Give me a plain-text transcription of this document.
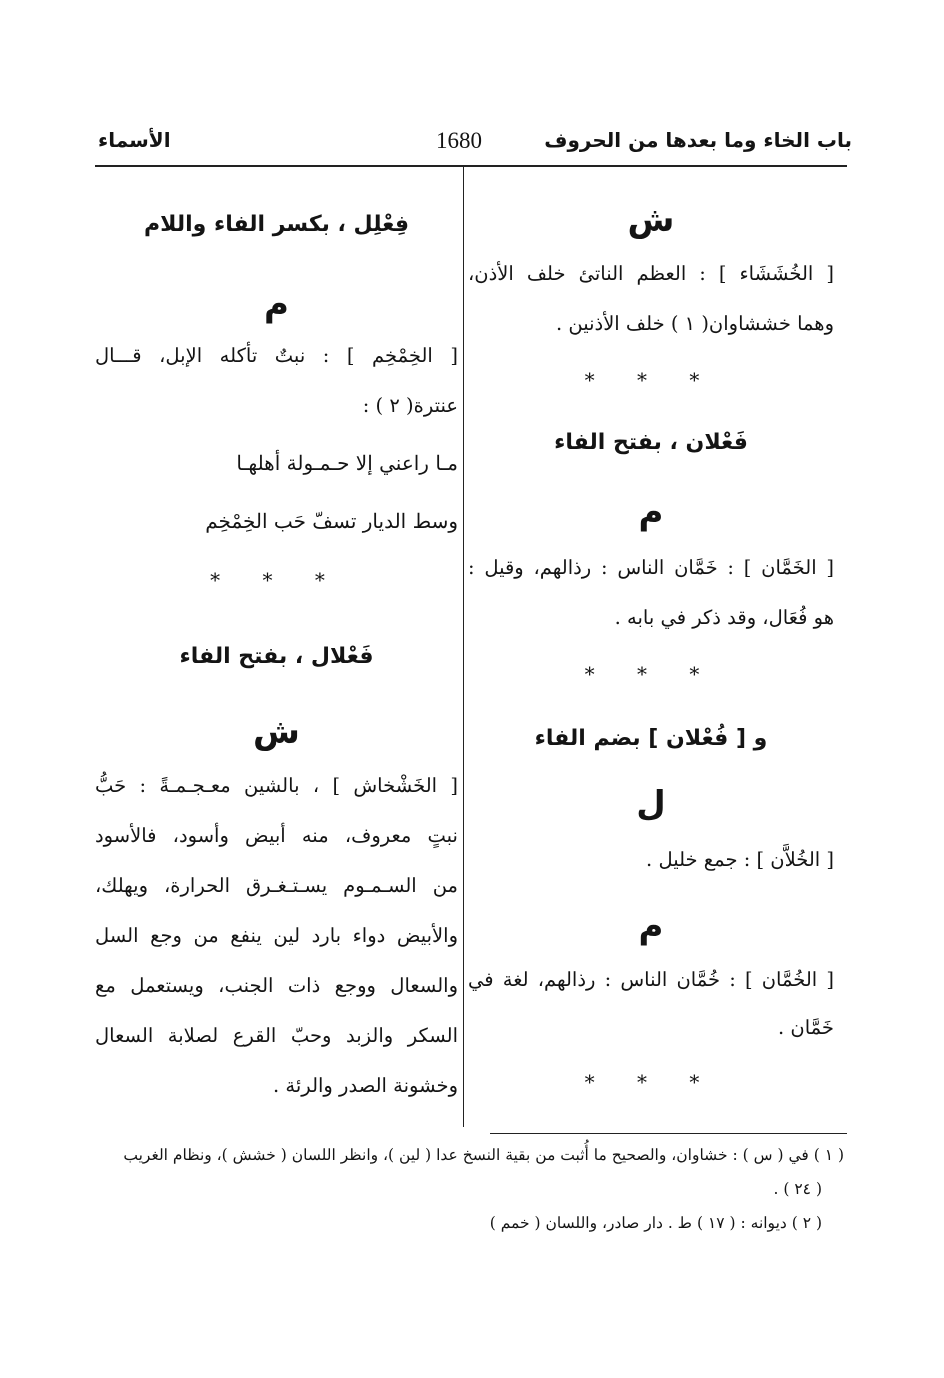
باب الخاء وما بعدها من الحروف
1680
الأسماء
ش
[ الخُشَشَاء ] : العظم الناتئ خلف الأذن،
وهما خششاوان( ١ ) خلف الأذنين .
* * *
فَعْلان ، بفتح الفاء
م
[ الخَمَّان ] : خَمَّان الناس : رذالهم، وقيل :
هو فُعَال، وقد ذكر في بابه .
* * *
و [ فُعْلان ] بضم الفاء
ل
[ الخُلاَّن ] : جمع خليل .
م
[ الخُمَّان ] : خُمَّان الناس : رذالهم، لغة في
خَمَّان .
* * *
فِعْلِل ، بكسر الفاء واللام
م
[ الخِمْخِم ] : نبتٌ تأكله الإبل، قـــال
عنترة( ٢ ) :
مـا راعني إلا حـمـولة أهلهـا
وسط الديار تسفّ حَب الخِمْخِم
* * *
فَعْلال ، بفتح الفاء
ش
[ الخَشْخاش ] ، بالشين معـجـمـةً : حَبُّ
نبتٍ معروف، منه أبيض وأسود، فالأسود
من السـمـوم يسـتـغـرق الحرارة، ويهلك،
والأبيض دواء بارد لين ينفع من وجع السل
والسعال ووجع ذات الجنب، ويستعمل مع
السكر والزبد وحبّ القرع لصلابة السعال
وخشونة الصدر والرئة .
( ١ ) في ( س ) : خشاوان، والصحيح ما أُثبت من بقية النسخ عدا ( لين )، وانظر اللسان ( خشش )، ونظام الغريب
( ٢٤ ) .
( ٢ ) ديوانه : ( ١٧ ) ط . دار صادر، واللسان ( خمم )
